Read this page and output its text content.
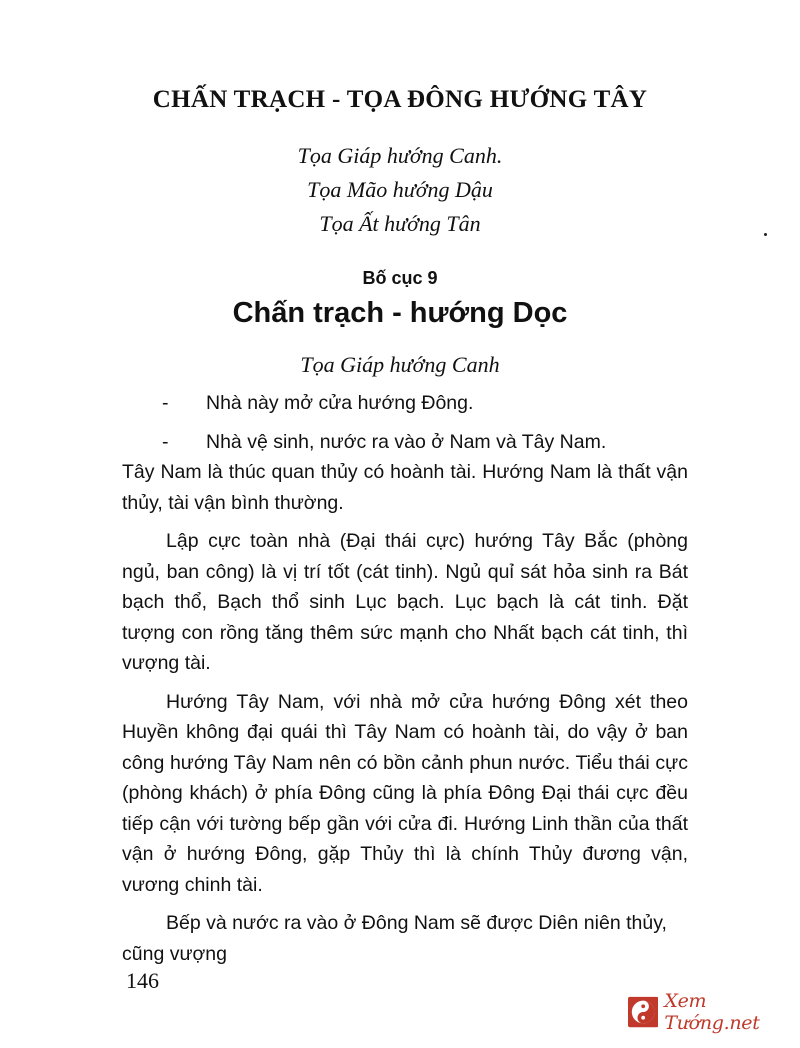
CHẤN TRẠCH - TỌA ĐÔNG HƯỚNG TÂY
Tọa Giáp hướng Canh.
Tọa Mão hướng Dậu
Tọa Ất hướng Tân
Bố cục 9
Chấn trạch - hướng Dọc
Tọa Giáp hướng Canh
-	Nhà này mở cửa hướng Đông.
-	Nhà vệ sinh, nước ra vào ở Nam và Tây Nam.

Tây Nam là thúc quan thủy có hoành tài. Hướng Nam là thất vận thủy, tài vận bình thường.

Lập cực toàn nhà (Đại thái cực) hướng Tây Bắc (phòng ngủ, ban công) là vị trí tốt (cát tinh). Ngủ quỉ sát hỏa sinh ra Bát bạch thổ, Bạch thổ sinh Lục bạch. Lục bạch là cát tinh. Đặt tượng con rồng tăng thêm sức mạnh cho Nhất bạch cát tinh, thì vượng tài.

Hướng Tây Nam, với nhà mở cửa hướng Đông xét theo Huyền không đại quái thì Tây Nam có hoành tài, do vậy ở ban công hướng Tây Nam nên có bồn cảnh phun nước. Tiểu thái cực (phòng khách) ở phía Đông cũng là phía Đông Đại thái cực đều tiếp cận với tường bếp gần với cửa đi. Hướng Linh thần của thất vận ở hướng Đông, gặp Thủy thì là chính Thủy đương vận, vương chinh tài.

Bếp và nước ra vào ở Đông Nam sẽ được Diên niên thủy, cũng vượng

146
Xem Tướng.net
